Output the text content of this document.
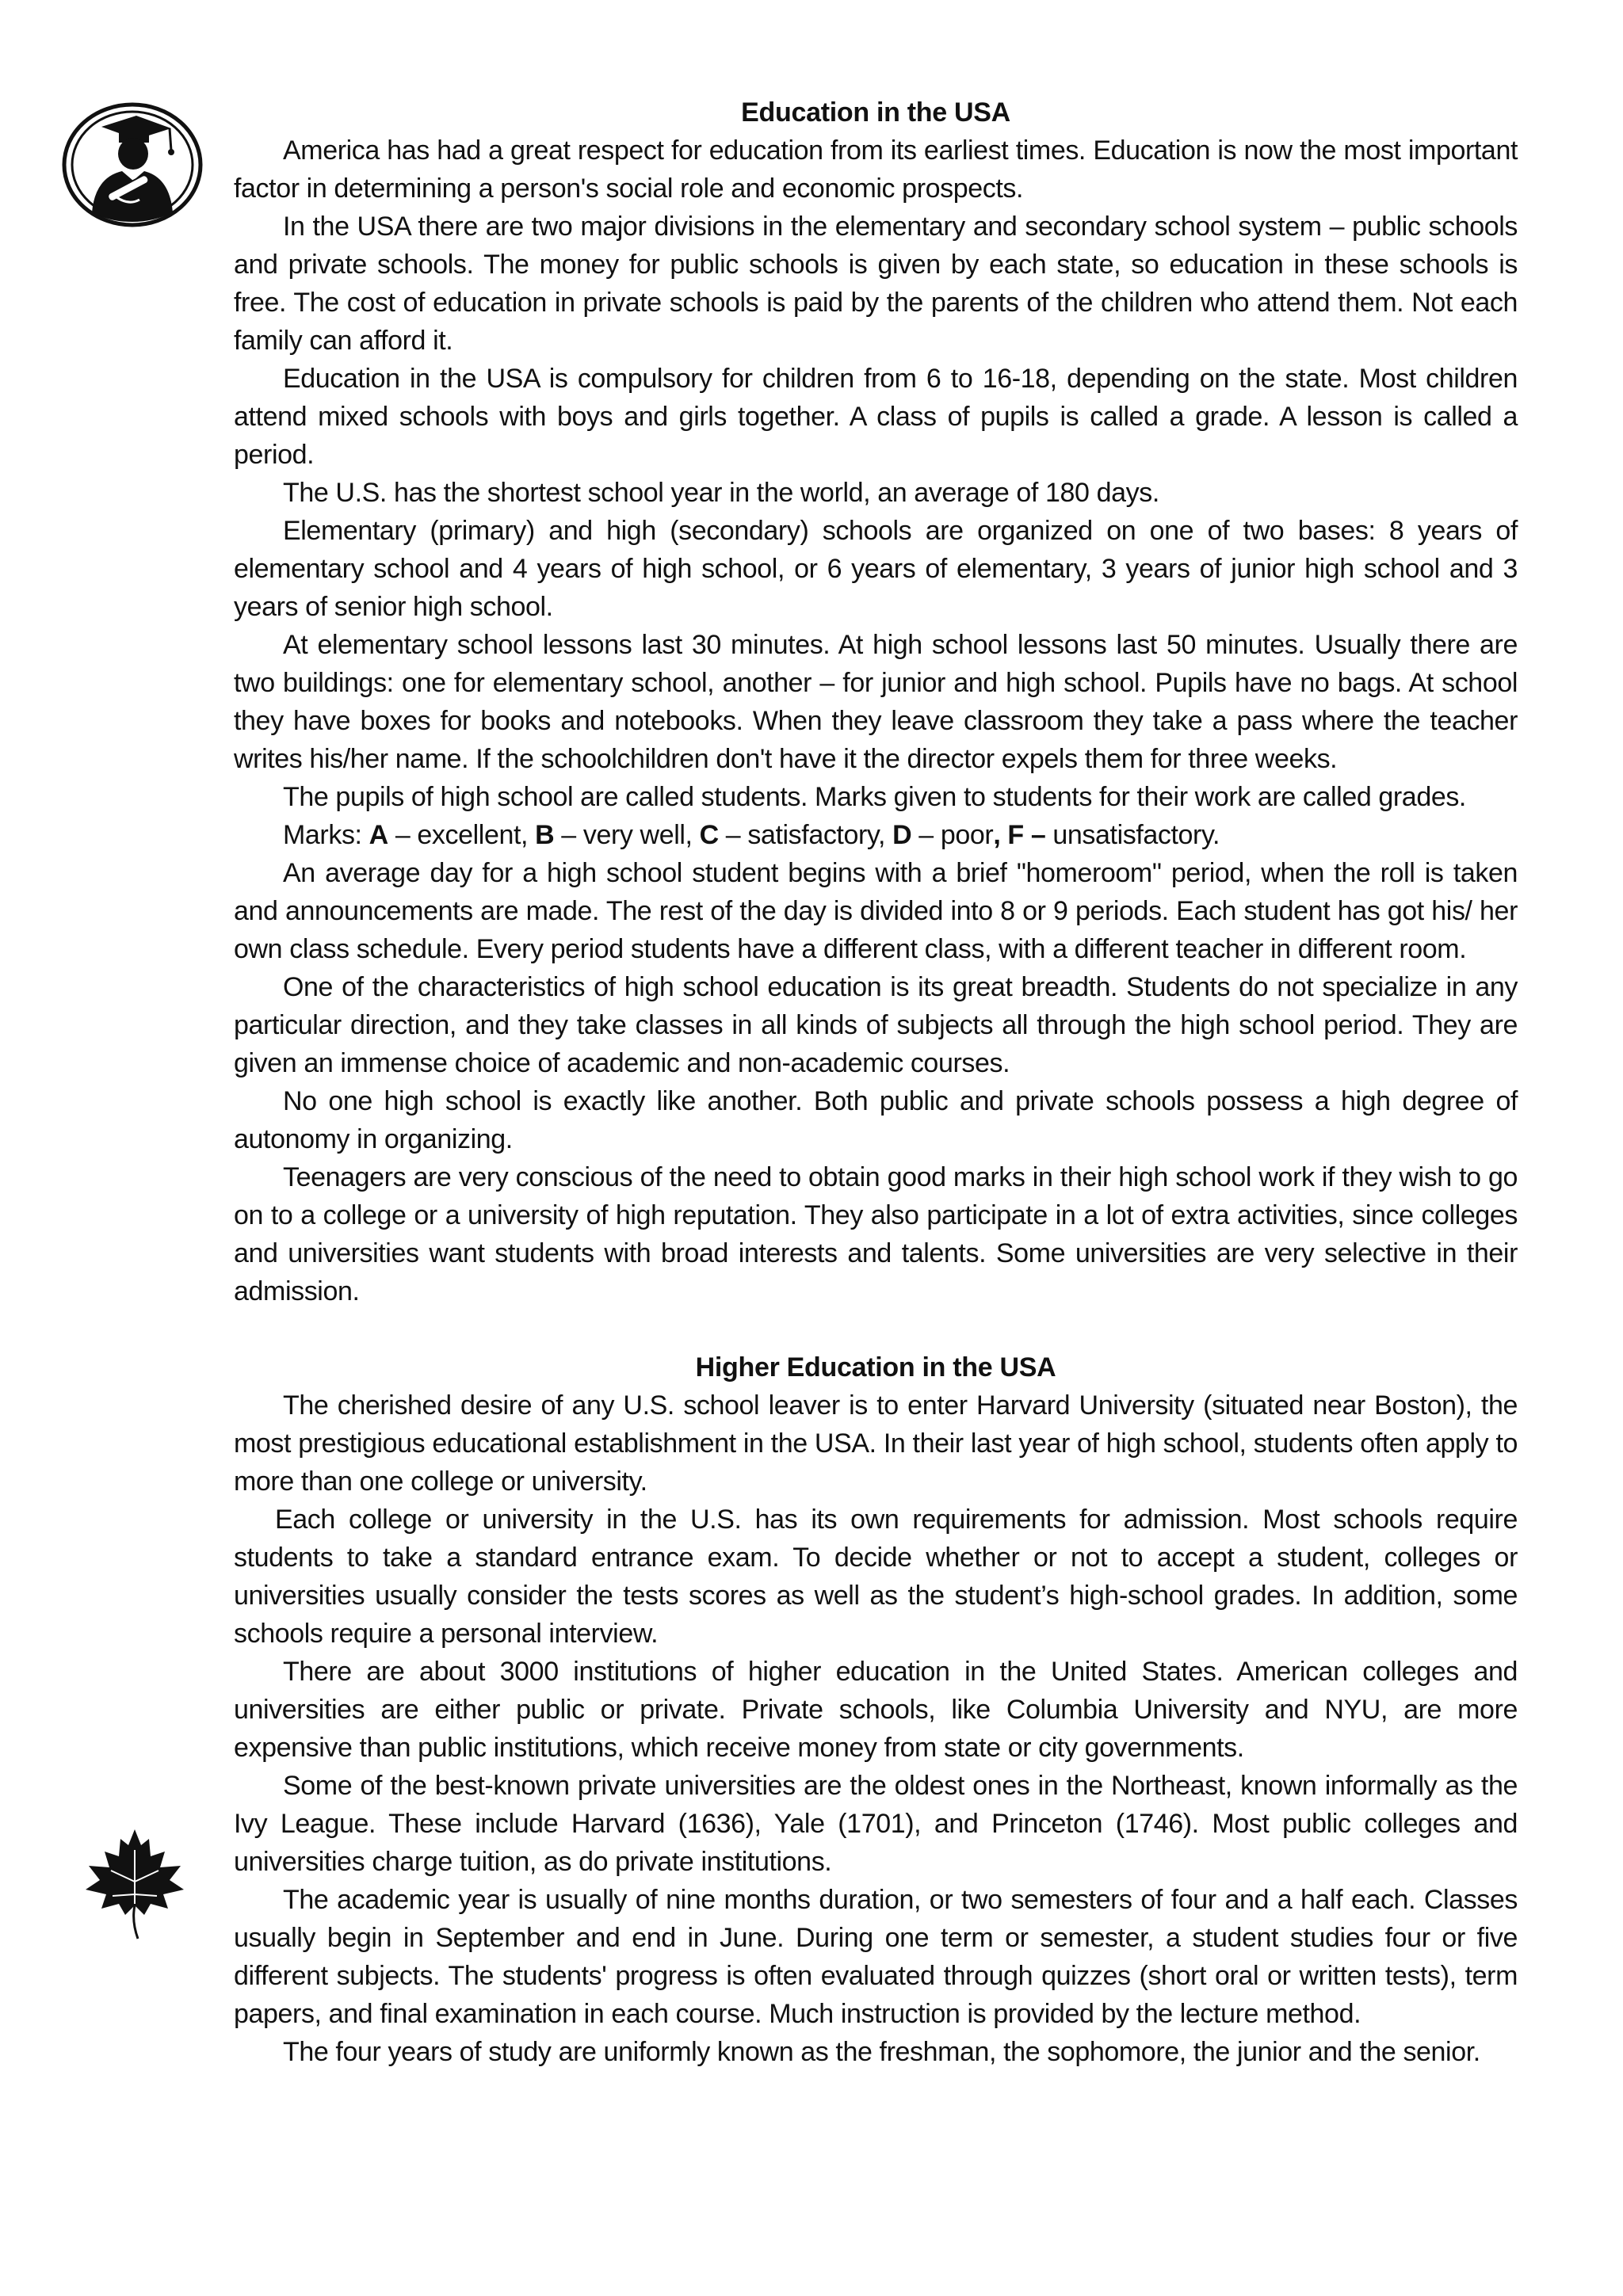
Education in the USA

America has had a great respect for education from its earliest times. Education is now the most important factor in determining a person's social role and economic prospects.

In the USA there are two major divisions in the elementary and secondary school system – public schools and private schools. The money for public schools is given by each state, so education in these schools is free. The cost of education in private schools is paid by the parents of the children who attend them. Not each family can afford it.

Education in the USA is compulsory for children from 6 to 16-18, depending on the state. Most children attend mixed schools with boys and girls together. A class of pupils is called a grade. A lesson is called a period.

The U.S. has the shortest school year in the world, an average of 180 days.

Elementary (primary) and high (secondary) schools are organized on one of two bases: 8 years of elementary school and 4 years of high school, or 6 years of elementary, 3 years of junior high school and 3 years of senior high school.

At elementary school lessons last 30 minutes. At high school lessons last 50 minutes. Usually there are two buildings: one for elementary school, another – for junior and high school. Pupils have no bags. At school they have boxes for books and notebooks. When they leave classroom they take a pass where the teacher writes his/her name. If the schoolchildren don't have it the director expels them for three weeks.

The pupils of high school are called students. Marks given to students for their work are called grades.

Marks: A – excellent, B – very well, C – satisfactory, D – poor, F – unsatisfactory.

An average day for a high school student begins with a brief "homeroom" period, when the roll is taken and announcements are made. The rest of the day is divided into 8 or 9 periods. Each student has got his/ her own class schedule. Every period students have a different class, with a different teacher in different room.

One of the characteristics of high school education is its great breadth. Students do not specialize in any particular direction, and they take classes in all kinds of subjects all through the high school period. They are given an immense choice of academic and non-academic courses.

No one high school is exactly like another. Both public and private schools possess a high degree of autonomy in organizing.

Teenagers are very conscious of the need to obtain good marks in their high school work if they wish to go on to a college or a university of high reputation. They also participate in a lot of extra activities, since colleges and universities want students with broad interests and talents. Some universities are very selective in their admission.

Higher Education in the USA

The cherished desire of any U.S. school leaver is to enter Harvard University (situated near Boston), the most prestigious educational establishment in the USA. In their last year of high school, students often apply to more than one college or university.

Each college or university in the U.S. has its own requirements for admission. Most schools require students to take a standard entrance exam. To decide whether or not to accept a student, colleges or universities usually consider the tests scores as well as the student’s high-school grades. In addition, some schools require a personal interview.

There are about 3000 institutions of higher education in the United States. American colleges and universities are either public or private. Private schools, like Columbia University and NYU, are more expensive than public institutions, which receive money from state or city governments.

Some of the best-known private universities are the oldest ones in the Northeast, known informally as the Ivy League. These include Harvard (1636), Yale (1701), and Princeton (1746). Most public colleges and universities charge tuition, as do private institutions.

The academic year is usually of nine months duration, or two semesters of four and a half each. Classes usually begin in September and end in June. During one term or semester, a student studies four or five different subjects. The students' progress is often evaluated through quizzes (short oral or written tests), term papers, and final examination in each course. Much instruction is provided by the lecture method.

The four years of study are uniformly known as the freshman, the sophomore, the junior and the senior.
